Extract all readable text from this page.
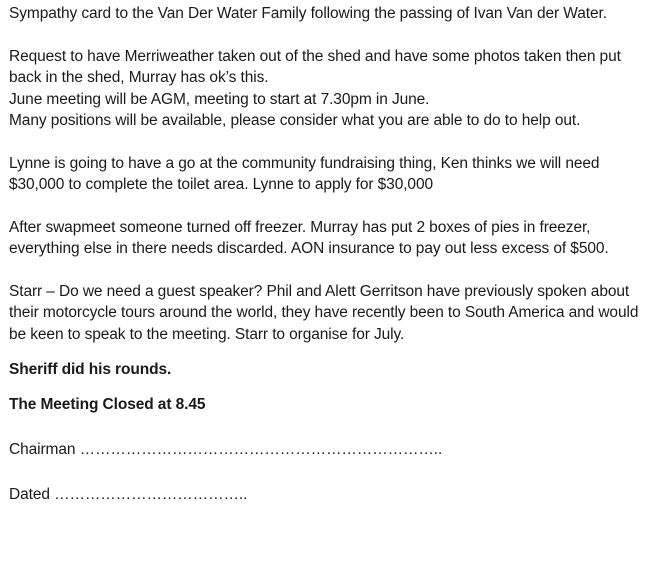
Sympathy card to the Van Der Water Family following the passing of Ivan Van der Water.

Request to have Merriweather taken out of the shed and have some photos taken then put back in the shed, Murray has ok’s this.
June meeting will be AGM, meeting to start at 7.30pm in June.
Many positions will be available, please consider what you are able to do to help out.

Lynne is going to have a go at the community fundraising thing, Ken thinks we will need $30,000 to complete the toilet area. Lynne to apply for $30,000

After swapmeet someone turned off freezer. Murray has put 2 boxes of pies in freezer, everything else in there needs discarded. AON insurance to pay out less excess of $500.

Starr – Do we need a guest speaker? Phil and Alett Gerritson have previously spoken about their motorcycle tours around the world, they have recently been to South America and would be keen to speak to the meeting. Starr to organise for July.

Sheriff did his rounds.

The Meeting Closed at 8.45

Chairman ……………………………………………………………..

Dated ………………………………..
